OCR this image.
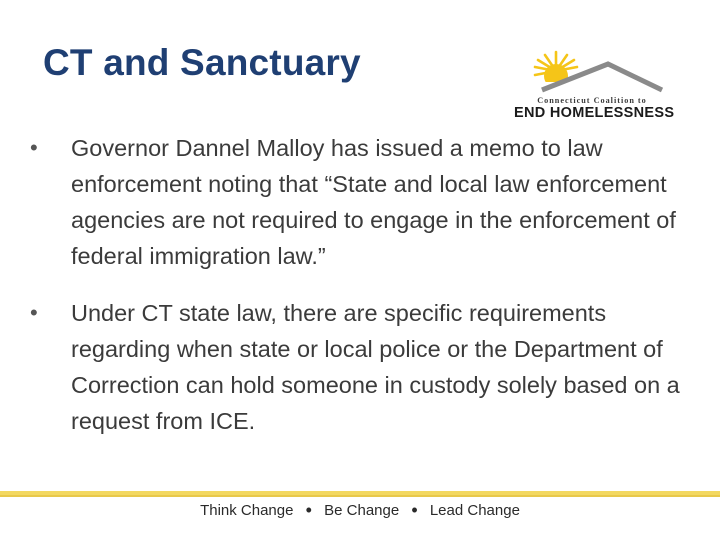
CT and Sanctuary
Connecticut Coalition to
END HOMELESSNESS
• Governor Dannel Malloy has issued a memo to law enforcement noting that “State and local law enforcement agencies are not required to engage in the enforcement of federal immigration law.”
• Under CT state law, there are specific requirements regarding when state or local police or the Department of Correction can hold someone in custody solely based on a request from ICE.
Think Change • Be Change • Lead Change
